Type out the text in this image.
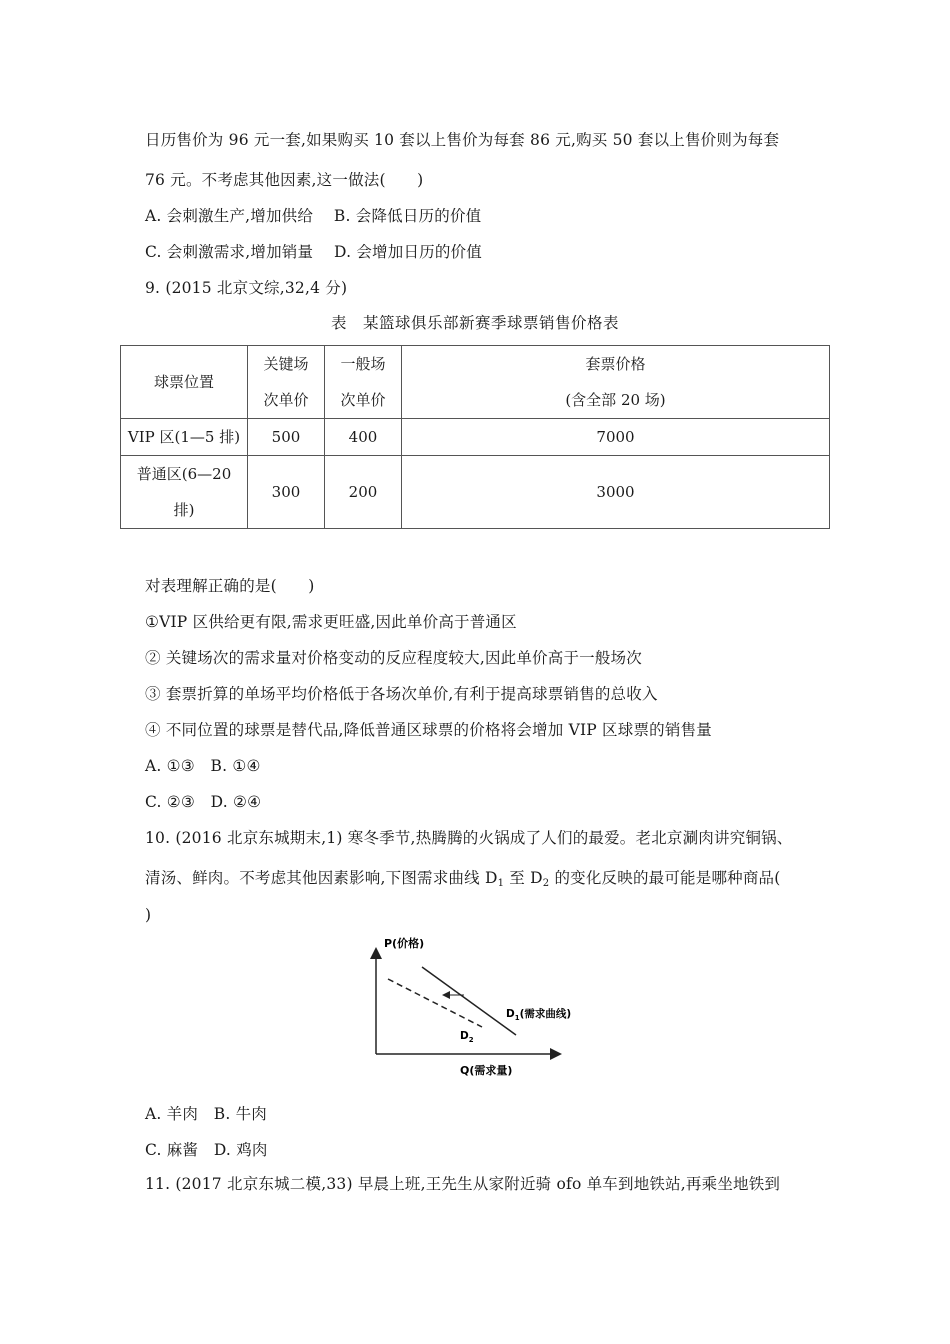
日历售价为 96 元一套,如果购买 10 套以上售价为每套 86 元,购买 50 套以上售价则为每套
76 元。不考虑其他因素,这一做法(　　)
A. 会刺激生产,增加供给　 B. 会降低日历的价值
C. 会刺激需求,增加销量　 D. 会增加日历的价值
9. (2015 北京文综,32,4 分)
表　某篮球俱乐部新赛季球票销售价格表
球票位置	关键场	一般场	套票价格
	次单价	次单价	(含全部 20 场)
VIP 区(1—5 排)	500	400	7000

普通区(6—20
排)	300	200	3000
对表理解正确的是(　　)
①VIP 区供给更有限,需求更旺盛,因此单价高于普通区
② 关键场次的需求量对价格变动的反应程度较大,因此单价高于一般场次
③ 套票折算的单场平均价格低于各场次单价,有利于提高球票销售的总收入
④ 不同位置的球票是替代品,降低普通区球票的价格将会增加 VIP 区球票的销售量
A. ①③　B. ①④
C. ②③　D. ②④
10. (2016 北京东城期末,1) 寒冬季节,热腾腾的火锅成了人们的最爱。老北京涮肉讲究铜锅、
清汤、鲜肉。不考虑其他因素影响,下图需求曲线 $D_1$ 至 $D_2$ 的变化反映的最可能是哪种商品(
)
P(价格)
Q(需求量)
$D_1$(需求曲线)
$D_2$
A. 羊肉　B. 牛肉
C. 麻酱　D. 鸡肉
11. (2017 北京东城二模,33) 早晨上班,王先生从家附近骑 ofo 单车到地铁站,再乘坐地铁到
